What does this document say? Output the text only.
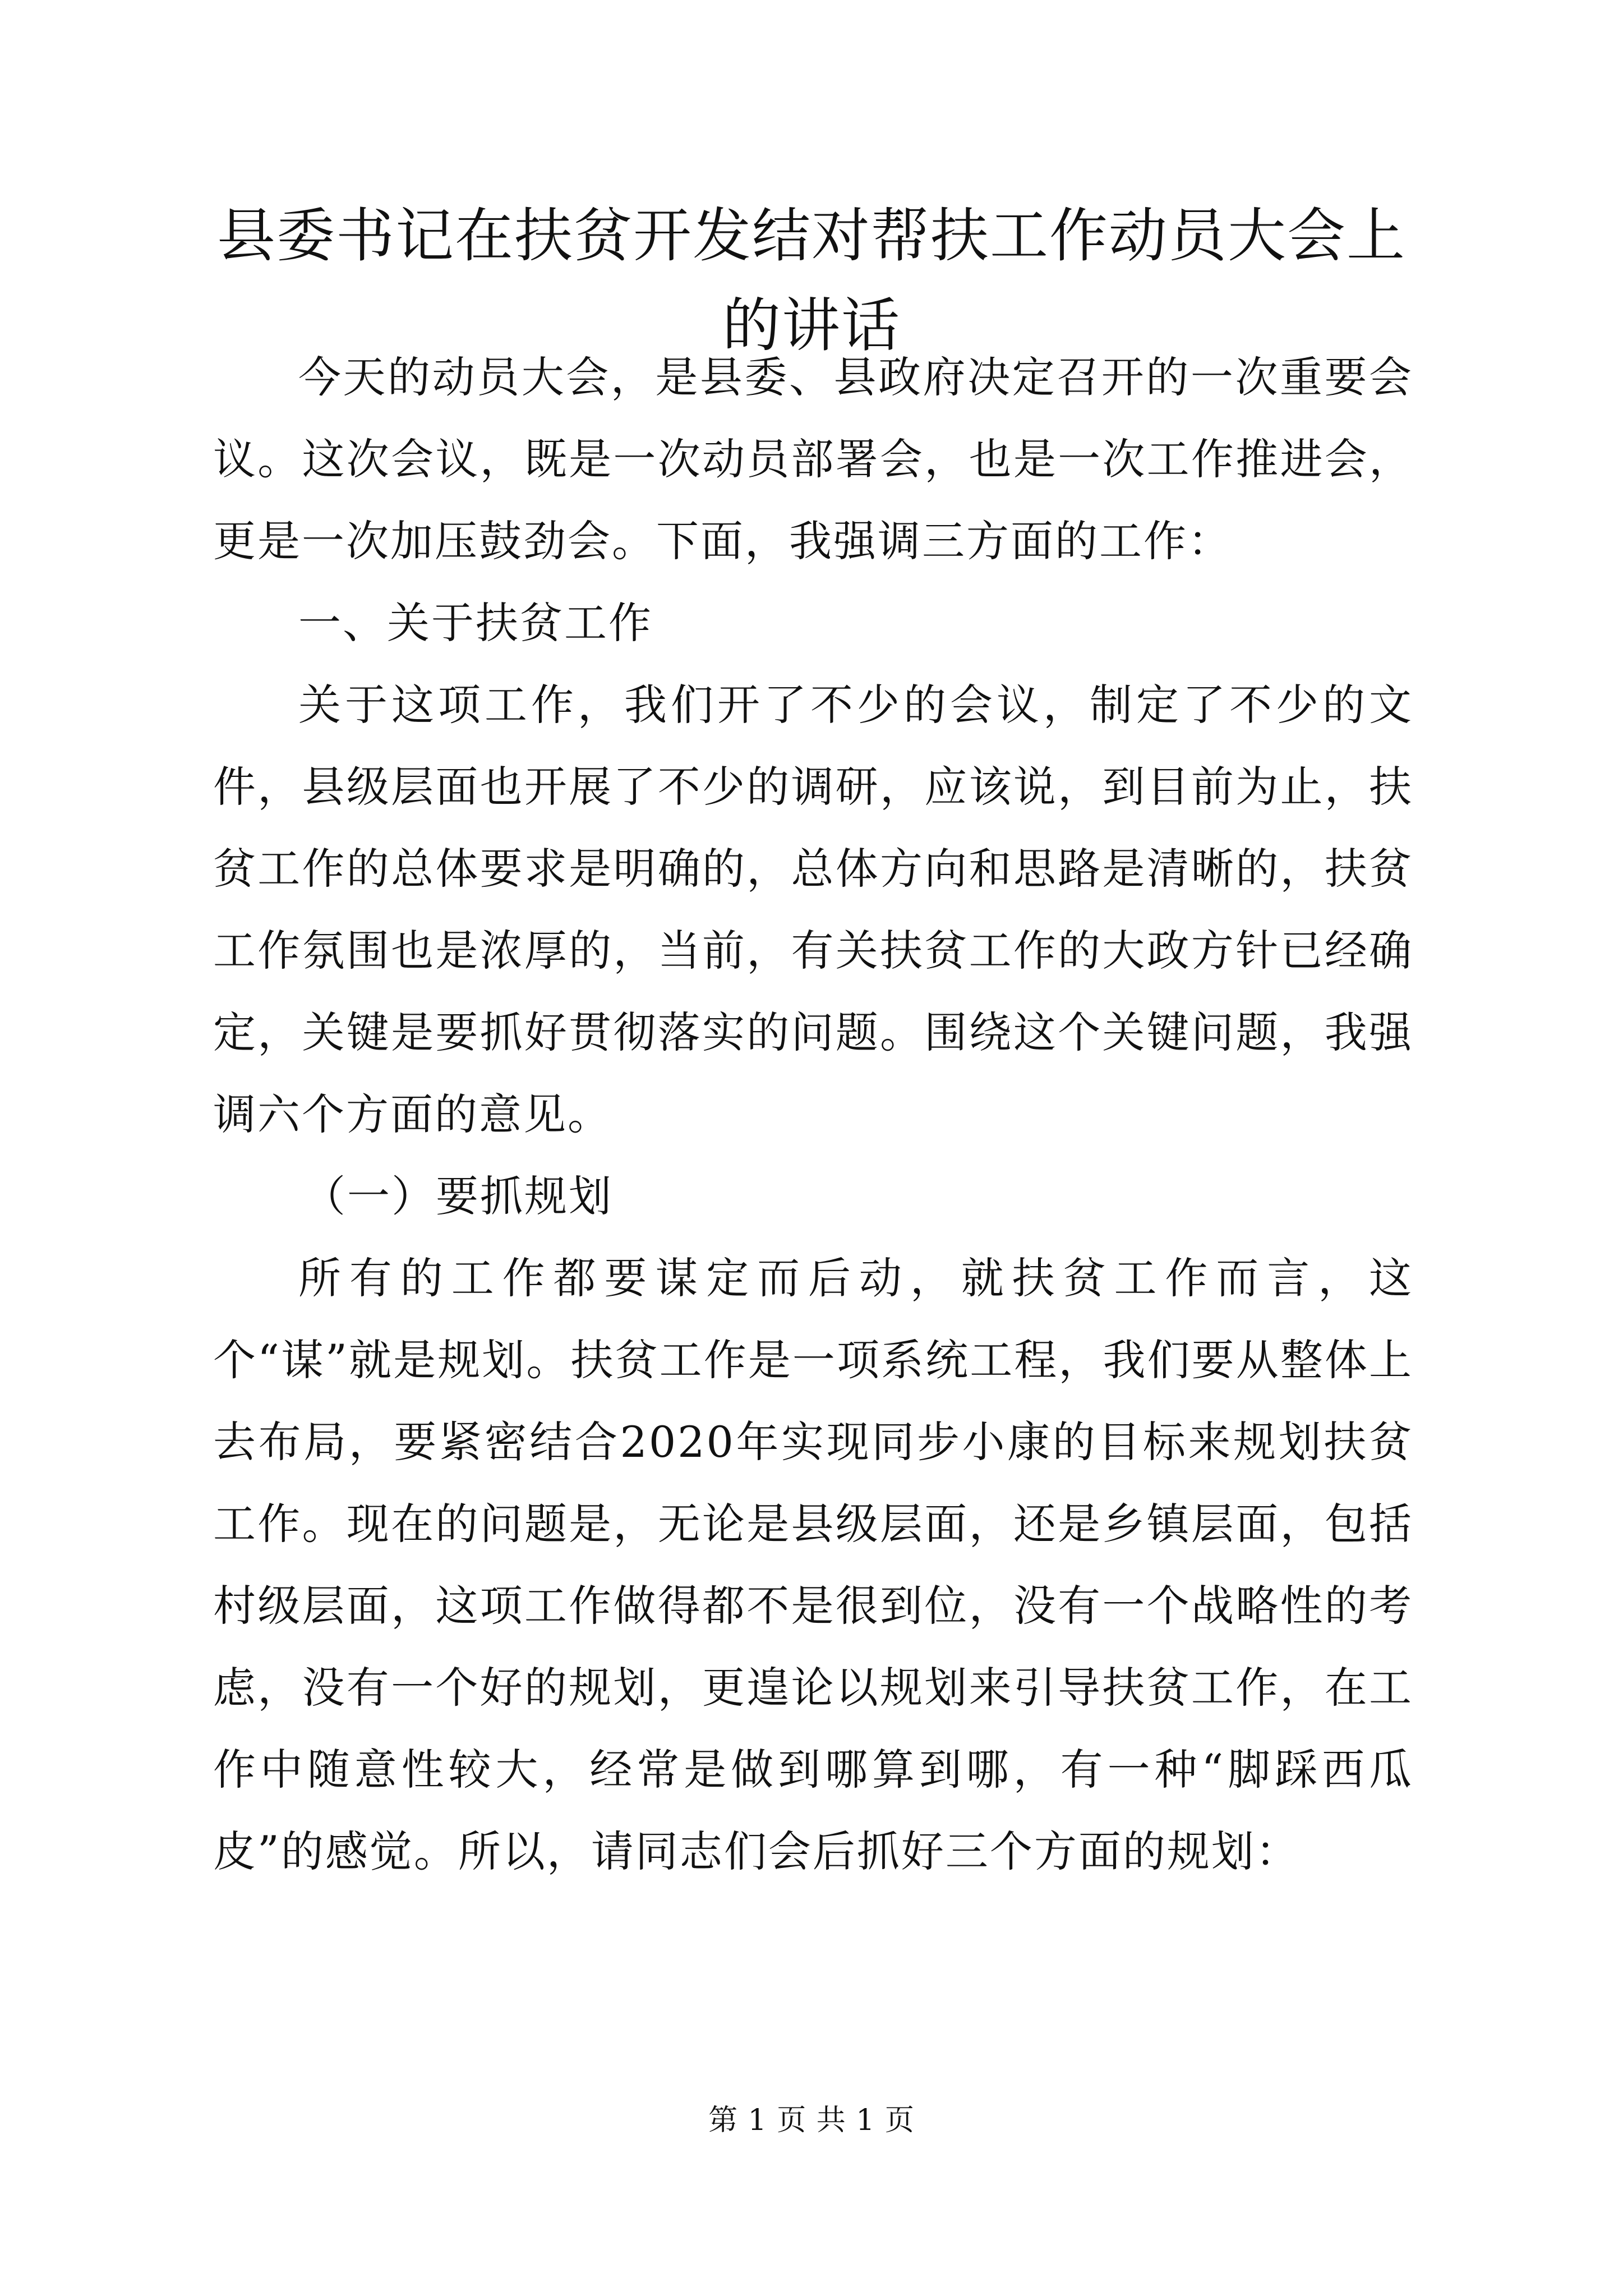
县委书记在扶贫开发结对帮扶工作动员大会上的讲话

今天的动员大会，是县委、县政府决定召开的一次重要会议。这次会议，既是一次动员部署会，也是一次工作推进会，更是一次加压鼓劲会。下面，我强调三方面的工作：

一、关于扶贫工作

关于这项工作，我们开了不少的会议，制定了不少的文件，县级层面也开展了不少的调研，应该说，到目前为止，扶贫工作的总体要求是明确的，总体方向和思路是清晰的，扶贫工作氛围也是浓厚的，当前，有关扶贫工作的大政方针已经确定，关键是要抓好贯彻落实的问题。围绕这个关键问题，我强调六个方面的意见。

（一）要抓规划

所有的工作都要谋定而后动，就扶贫工作而言，这个“谋”就是规划。扶贫工作是一项系统工程，我们要从整体上去布局，要紧密结合2020年实现同步小康的目标来规划扶贫工作。现在的问题是，无论是县级层面，还是乡镇层面，包括村级层面，这项工作做得都不是很到位，没有一个战略性的考虑，没有一个好的规划，更遑论以规划来引导扶贫工作，在工作中随意性较大，经常是做到哪算到哪，有一种“脚踩西瓜皮”的感觉。所以，请同志们会后抓好三个方面的规划：

第 1 页 共 1 页
